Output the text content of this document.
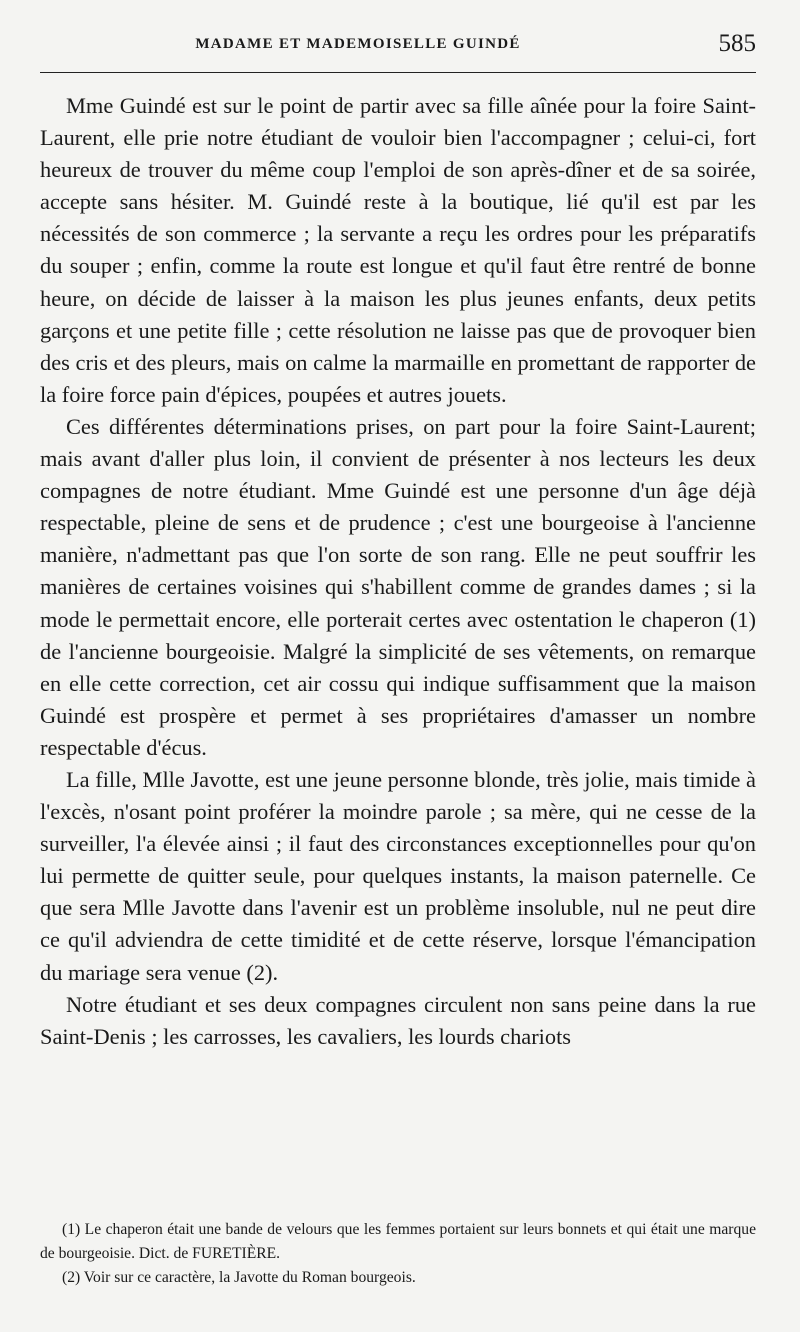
MADAME ET MADEMOISELLE GUINDÉ	585

Mme Guindé est sur le point de partir avec sa fille aînée pour la foire Saint-Laurent, elle prie notre étudiant de vouloir bien l'accompagner ; celui-ci, fort heureux de trouver du même coup l'emploi de son après-dîner et de sa soirée, accepte sans hésiter. M. Guindé reste à la boutique, lié qu'il est par les nécessités de son commerce ; la servante a reçu les ordres pour les préparatifs du souper ; enfin, comme la route est longue et qu'il faut être rentré de bonne heure, on décide de laisser à la maison les plus jeunes enfants, deux petits garçons et une petite fille ; cette résolution ne laisse pas que de provoquer bien des cris et des pleurs, mais on calme la marmaille en promettant de rapporter de la foire force pain d'épices, poupées et autres jouets.

Ces différentes déterminations prises, on part pour la foire Saint-Laurent; mais avant d'aller plus loin, il convient de présenter à nos lecteurs les deux compagnes de notre étudiant. Mme Guindé est une personne d'un âge déjà respectable, pleine de sens et de prudence ; c'est une bourgeoise à l'ancienne manière, n'admettant pas que l'on sorte de son rang. Elle ne peut souffrir les manières de certaines voisines qui s'habillent comme de grandes dames ; si la mode le permettait encore, elle porterait certes avec ostentation le chaperon (1) de l'ancienne bourgeoisie. Malgré la simplicité de ses vêtements, on remarque en elle cette correction, cet air cossu qui indique suffisamment que la maison Guindé est prospère et permet à ses propriétaires d'amasser un nombre respectable d'écus.

La fille, Mlle Javotte, est une jeune personne blonde, très jolie, mais timide à l'excès, n'osant point proférer la moindre parole ; sa mère, qui ne cesse de la surveiller, l'a élevée ainsi ; il faut des circonstances exceptionnelles pour qu'on lui permette de quitter seule, pour quelques instants, la maison paternelle. Ce que sera Mlle Javotte dans l'avenir est un problème insoluble, nul ne peut dire ce qu'il adviendra de cette timidité et de cette réserve, lorsque l'émancipation du mariage sera venue (2).

Notre étudiant et ses deux compagnes circulent non sans peine dans la rue Saint-Denis ; les carrosses, les cavaliers, les lourds chariots

(1) Le chaperon était une bande de velours que les femmes portaient sur leurs bonnets et qui était une marque de bourgeoisie. Dict. de FURETIÈRE.

(2) Voir sur ce caractère, la Javotte du Roman bourgeois.
